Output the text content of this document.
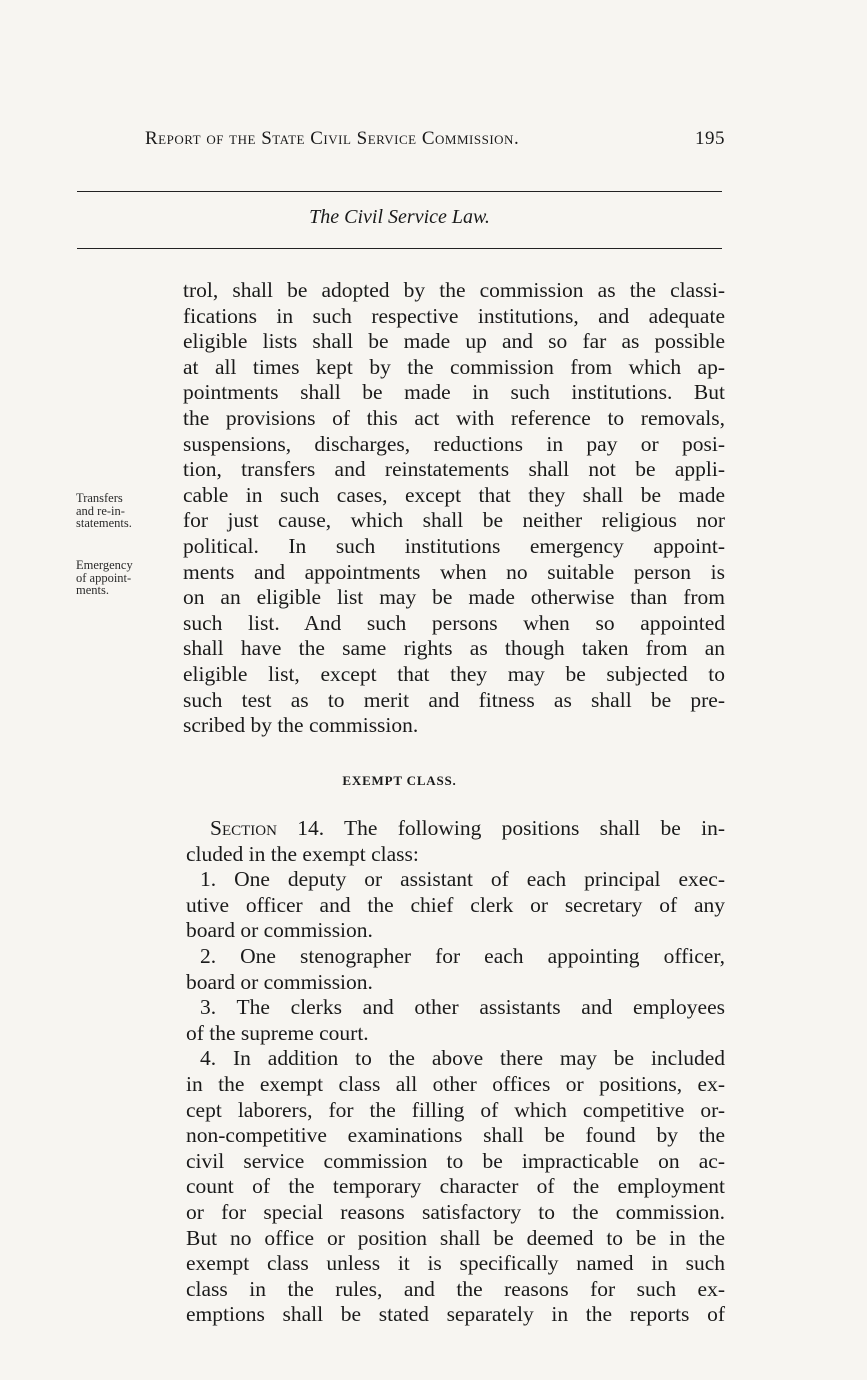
Report of the State Civil Service Commission.	195
The Civil Service Law.
Transfers
and re-in-
statements.
Emergency
of appoint-
ments.
trol, shall be adopted by the commission as the classi-
fications in such respective institutions, and adequate
eligible lists shall be made up and so far as possible
at all times kept by the commission from which ap-
pointments shall be made in such institutions. But
the provisions of this act with reference to removals,
suspensions, discharges, reductions in pay or posi-
tion, transfers and reinstatements shall not be appli-
cable in such cases, except that they shall be made
for just cause, which shall be neither religious nor
political. In such institutions emergency appoint-
ments and appointments when no suitable person is
on an eligible list may be made otherwise than from
such list. And such persons when so appointed
shall have the same rights as though taken from an
eligible list, except that they may be subjected to
such test as to merit and fitness as shall be pre-
scribed by the commission.
EXEMPT CLASS.
Section 14. The following positions shall be in-
cluded in the exempt class:
1. One deputy or assistant of each principal exec-
utive officer and the chief clerk or secretary of any
board or commission.
2. One stenographer for each appointing officer,
board or commission.
3. The clerks and other assistants and employees
of the supreme court.
4. In addition to the above there may be included
in the exempt class all other offices or positions, ex-
cept laborers, for the filling of which competitive or-
non-competitive examinations shall be found by the
civil service commission to be impracticable on ac-
count of the temporary character of the employment
or for special reasons satisfactory to the commission.
But no office or position shall be deemed to be in the
exempt class unless it is specifically named in such
class in the rules, and the reasons for such ex-
emptions shall be stated separately in the reports of
